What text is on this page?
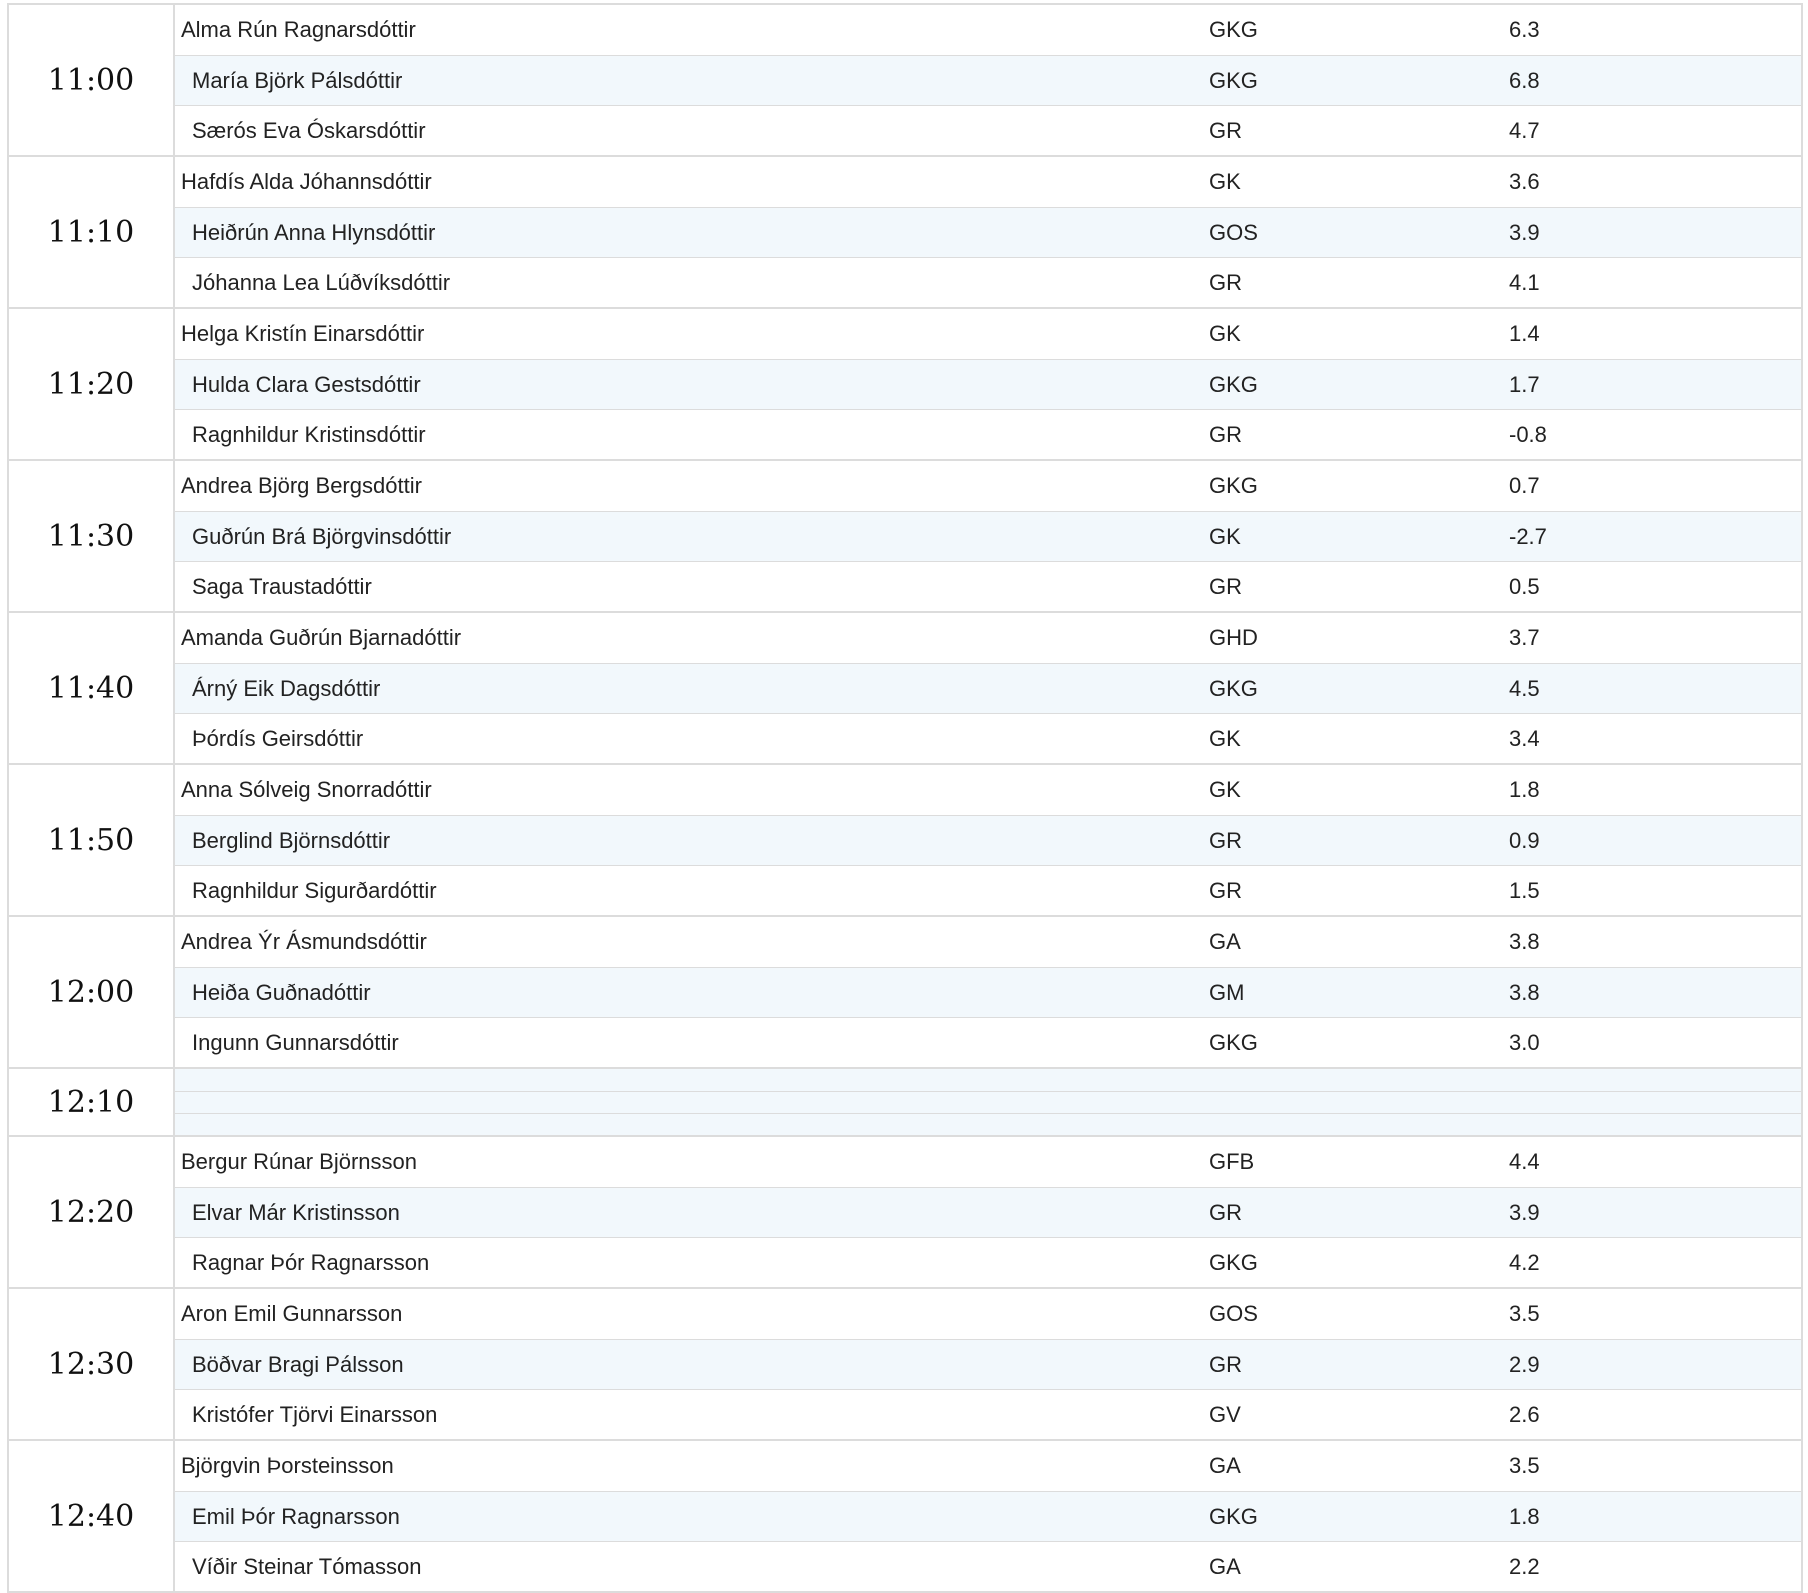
11:00
Alma Rún Ragnarsdóttir	GKG	6.3
María Björk Pálsdóttir	GKG	6.8
Særós Eva Óskarsdóttir	GR	4.7
11:10
Hafdís Alda Jóhannsdóttir	GK	3.6
Heiðrún Anna Hlynsdóttir	GOS	3.9
Jóhanna Lea Lúðvíksdóttir	GR	4.1
11:20
Helga Kristín Einarsdóttir	GK	1.4
Hulda Clara Gestsdóttir	GKG	1.7
Ragnhildur Kristinsdóttir	GR	-0.8
11:30
Andrea Björg Bergsdóttir	GKG	0.7
Guðrún Brá Björgvinsdóttir	GK	-2.7
Saga Traustadóttir	GR	0.5
11:40
Amanda Guðrún Bjarnadóttir	GHD	3.7
Árný Eik Dagsdóttir	GKG	4.5
Þórdís Geirsdóttir	GK	3.4
11:50
Anna Sólveig Snorradóttir	GK	1.8
Berglind Björnsdóttir	GR	0.9
Ragnhildur Sigurðardóttir	GR	1.5
12:00
Andrea Ýr Ásmundsdóttir	GA	3.8
Heiða Guðnadóttir	GM	3.8
Ingunn Gunnarsdóttir	GKG	3.0
12:10
12:20
Bergur Rúnar Björnsson	GFB	4.4
Elvar Már Kristinsson	GR	3.9
Ragnar Þór Ragnarsson	GKG	4.2
12:30
Aron Emil Gunnarsson	GOS	3.5
Böðvar Bragi Pálsson	GR	2.9
Kristófer Tjörvi Einarsson	GV	2.6
12:40
Björgvin Þorsteinsson	GA	3.5
Emil Þór Ragnarsson	GKG	1.8
Víðir Steinar Tómasson	GA	2.2
